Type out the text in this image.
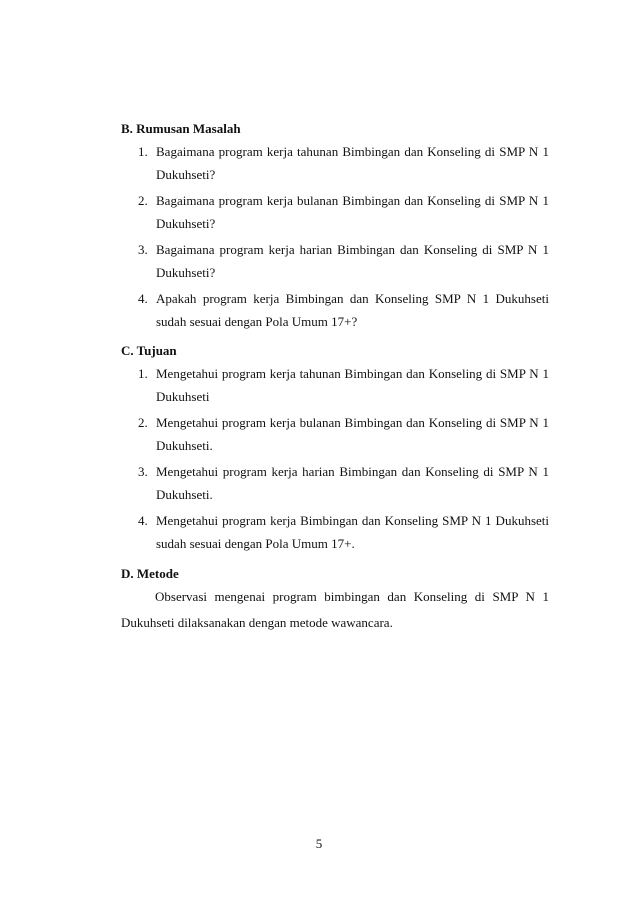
B. Rumusan Masalah
1. Bagaimana program kerja tahunan Bimbingan dan Konseling di SMP N 1 Dukuhseti?
2. Bagaimana program kerja bulanan Bimbingan dan Konseling di SMP N 1 Dukuhseti?
3. Bagaimana program kerja harian Bimbingan dan Konseling di SMP N 1 Dukuhseti?
4. Apakah program kerja Bimbingan dan Konseling SMP N 1 Dukuhseti sudah sesuai dengan Pola Umum 17+?
C. Tujuan
1. Mengetahui program kerja tahunan Bimbingan dan Konseling di SMP N 1 Dukuhseti
2. Mengetahui program kerja bulanan Bimbingan dan Konseling di SMP N 1 Dukuhseti.
3. Mengetahui program kerja harian Bimbingan dan Konseling di SMP N 1 Dukuhseti.
4. Mengetahui program kerja Bimbingan dan Konseling SMP N 1 Dukuhseti sudah sesuai dengan Pola Umum 17+.
D. Metode

Observasi mengenai program bimbingan dan Konseling di SMP N 1 Dukuhseti dilaksanakan dengan metode wawancara.

5
